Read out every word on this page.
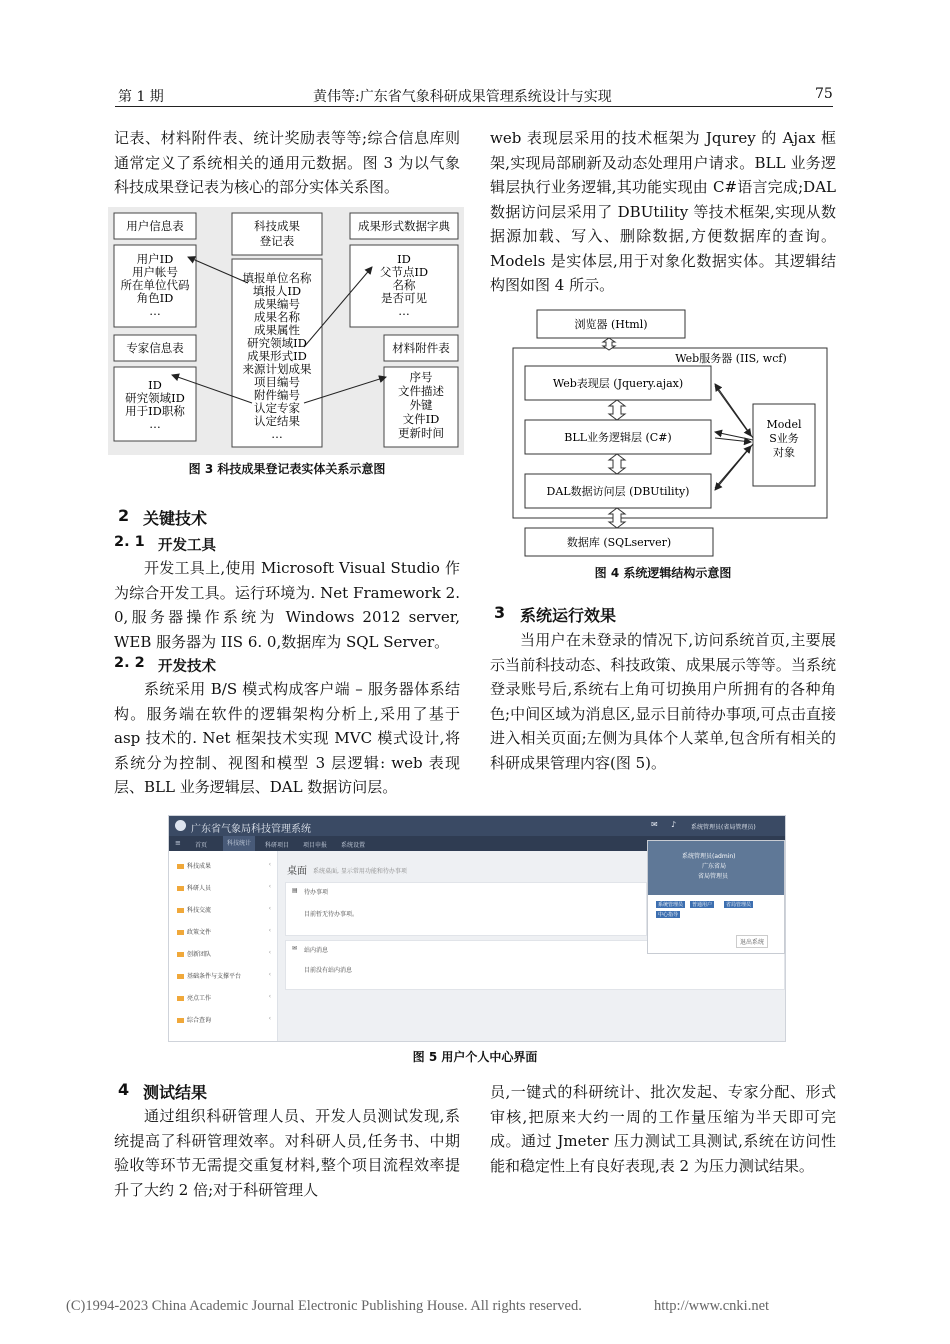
第 1 期	黄伟等:广东省气象科研成果管理系统设计与实现	75
记表、材料附件表、统计奖励表等等;综合信息库则通常定义了系统相关的通用元数据。图 3 为以气象科技成果登记表为核心的部分实体关系图。
用户信息表
用户ID
用户帐号
所在单位代码
角色ID
…
科技成果
登记表
填报单位名称
填报人ID
成果编号
成果名称
成果属性
研究领域ID
成果形式ID
来源计划成果
项目编号
附件编号
认定专家
认定结果
…
成果形式数据字典
ID
父节点ID
名称
是否可见
…
专家信息表
ID
研究领域ID
用于ID职称
…
材料附件表
序号
文件描述
外键
文件ID
更新时间
图 3 科技成果登记表实体关系示意图
2 关键技术
2. 1 开发工具
开发工具上,使用 Microsoft Visual Studio 作为综合开发工具。运行环境为. Net Framework 2. 0,服务器操作系统为 Windows 2012 server, WEB 服务器为 IIS 6. 0,数据库为 SQL Server。
2. 2 开发技术
系统采用 B/S 模式构成客户端 – 服务器体系结构。服务端在软件的逻辑架构分析上,采用了基于 asp 技术的. Net 框架技术实现 MVC 模式设计,将系统分为控制、视图和模型 3 层逻辑: web 表现层、BLL 业务逻辑层、DAL 数据访问层。
web 表现层采用的技术框架为 Jqurey 的 Ajax 框架,实现局部刷新及动态处理用户请求。BLL 业务逻辑层执行业务逻辑,其功能实现由 C#语言完成;DAL 数据访问层采用了 DBUtility 等技术框架,实现从数据源加载、写入、删除数据,方便数据库的查询。Models 是实体层,用于对象化数据实体。其逻辑结构图如图 4 所示。
浏览器 (Html)
Web服务器 (IIS, wcf)
Web表现层 (Jquery.ajax)
BLL业务逻辑层 (C#)
DAL数据访问层 (DBUtility)
Model
S业务
对象
数据库 (SQLserver)
图 4 系统逻辑结构示意图
3 系统运行效果
当用户在未登录的情况下,访问系统首页,主要展示当前科技动态、科技政策、成果展示等等。当系统登录账号后,系统右上角可切换用户所拥有的各种角色;中间区域为消息区,显示目前待办事项,可点击直接进入相关页面;左侧为具体个人菜单,包含所有相关的科研成果管理内容(图 5)。
广东省气象局科技管理系统	✉ ♪ 系统管理员(省局管理员)
≡ 首页	科技统计	科研项目 项目申报 系统设置
科技成果
科研人员
科技交流
政策文件
创新团队
基础条件与支撑平台
亮点工作
综合查询
‹
‹
‹
‹
‹
‹
‹
‹
桌面 系统桌面, 显示常用功能和待办事项
▤ 待办事项
目前暂无待办事项。
✉ 站内消息
目前没有站内消息
系统管理员(admin)
广东省局
省局管理员
系统管理员	普通用户	省局管理员
中心指导
退出系统
图 5 用户个人中心界面
4 测试结果
通过组织科研管理人员、开发人员测试发现,系统提高了科研管理效率。对科研人员,任务书、中期验收等环节无需提交重复材料,整个项目流程效率提升了大约 2 倍;对于科研管理人
员,一键式的科研统计、批次发起、专家分配、形式审核,把原来大约一周的工作量压缩为半天即可完成。通过 Jmeter 压力测试工具测试,系统在访问性能和稳定性上有良好表现,表 2 为压力测试结果。
(C)1994-2023 China Academic Journal Electronic Publishing House. All rights reserved.	http://www.cnki.net
